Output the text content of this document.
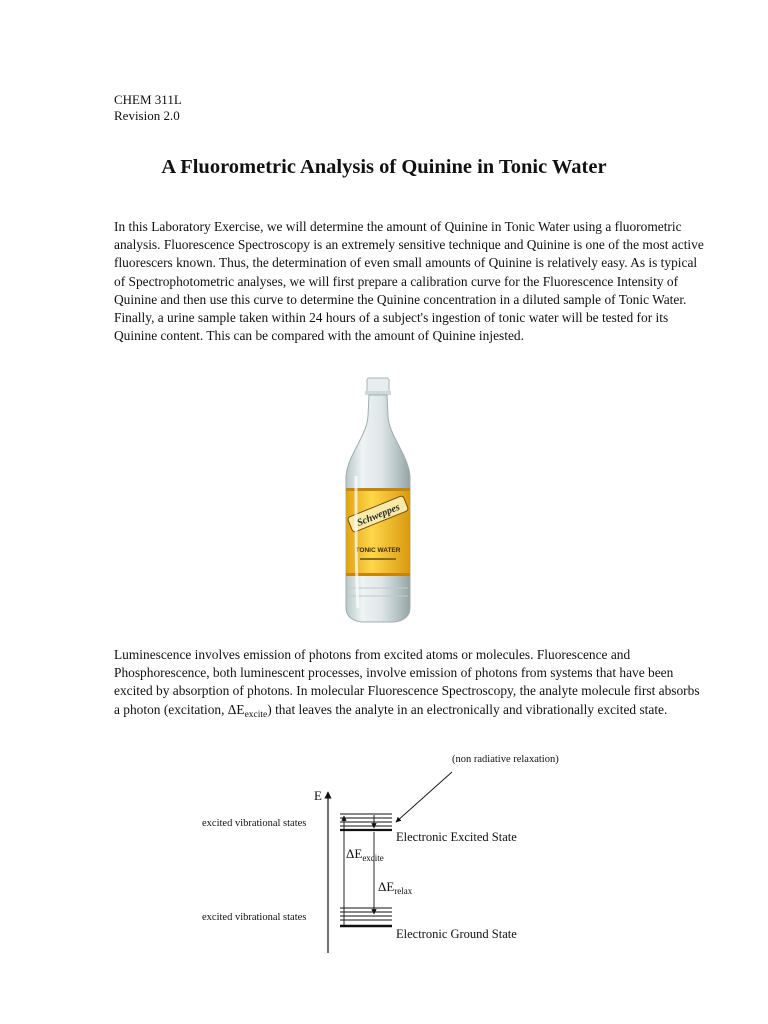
CHEM 311L
Revision 2.0
A Fluorometric Analysis of Quinine in Tonic Water

In this Laboratory Exercise, we will determine the amount of Quinine in Tonic Water using a fluorometric analysis. Fluorescence Spectroscopy is an extremely sensitive technique and Quinine is one of the most active fluorescers known. Thus, the determination of even small amounts of Quinine is relatively easy. As is typical of Spectrophotometric analyses, we will first prepare a calibration curve for the Fluorescence Intensity of Quinine and then use this curve to determine the Quinine concentration in a diluted sample of Tonic Water. Finally, a urine sample taken within 24 hours of a subject's ingestion of tonic water will be tested for its Quinine content. This can be compared with the amount of Quinine injested.

Schweppes
TONIC WATER

Luminescence involves emission of photons from excited atoms or molecules. Fluorescence and Phosphorescence, both luminescent processes, involve emission of photons from systems that have been excited by absorption of photons. In molecular Fluorescence Spectroscopy, the analyte molecule first absorbs a photon (excitation, $\Delta E_{excite}$) that leaves the analyte in an electronically and vibrationally excited state.

E
(non radiative relaxation)
excited vibrational states
Electronic Excited State
excited vibrational states
Electronic Ground State
$\Delta E_{excite}$
$\Delta E_{relax}$
